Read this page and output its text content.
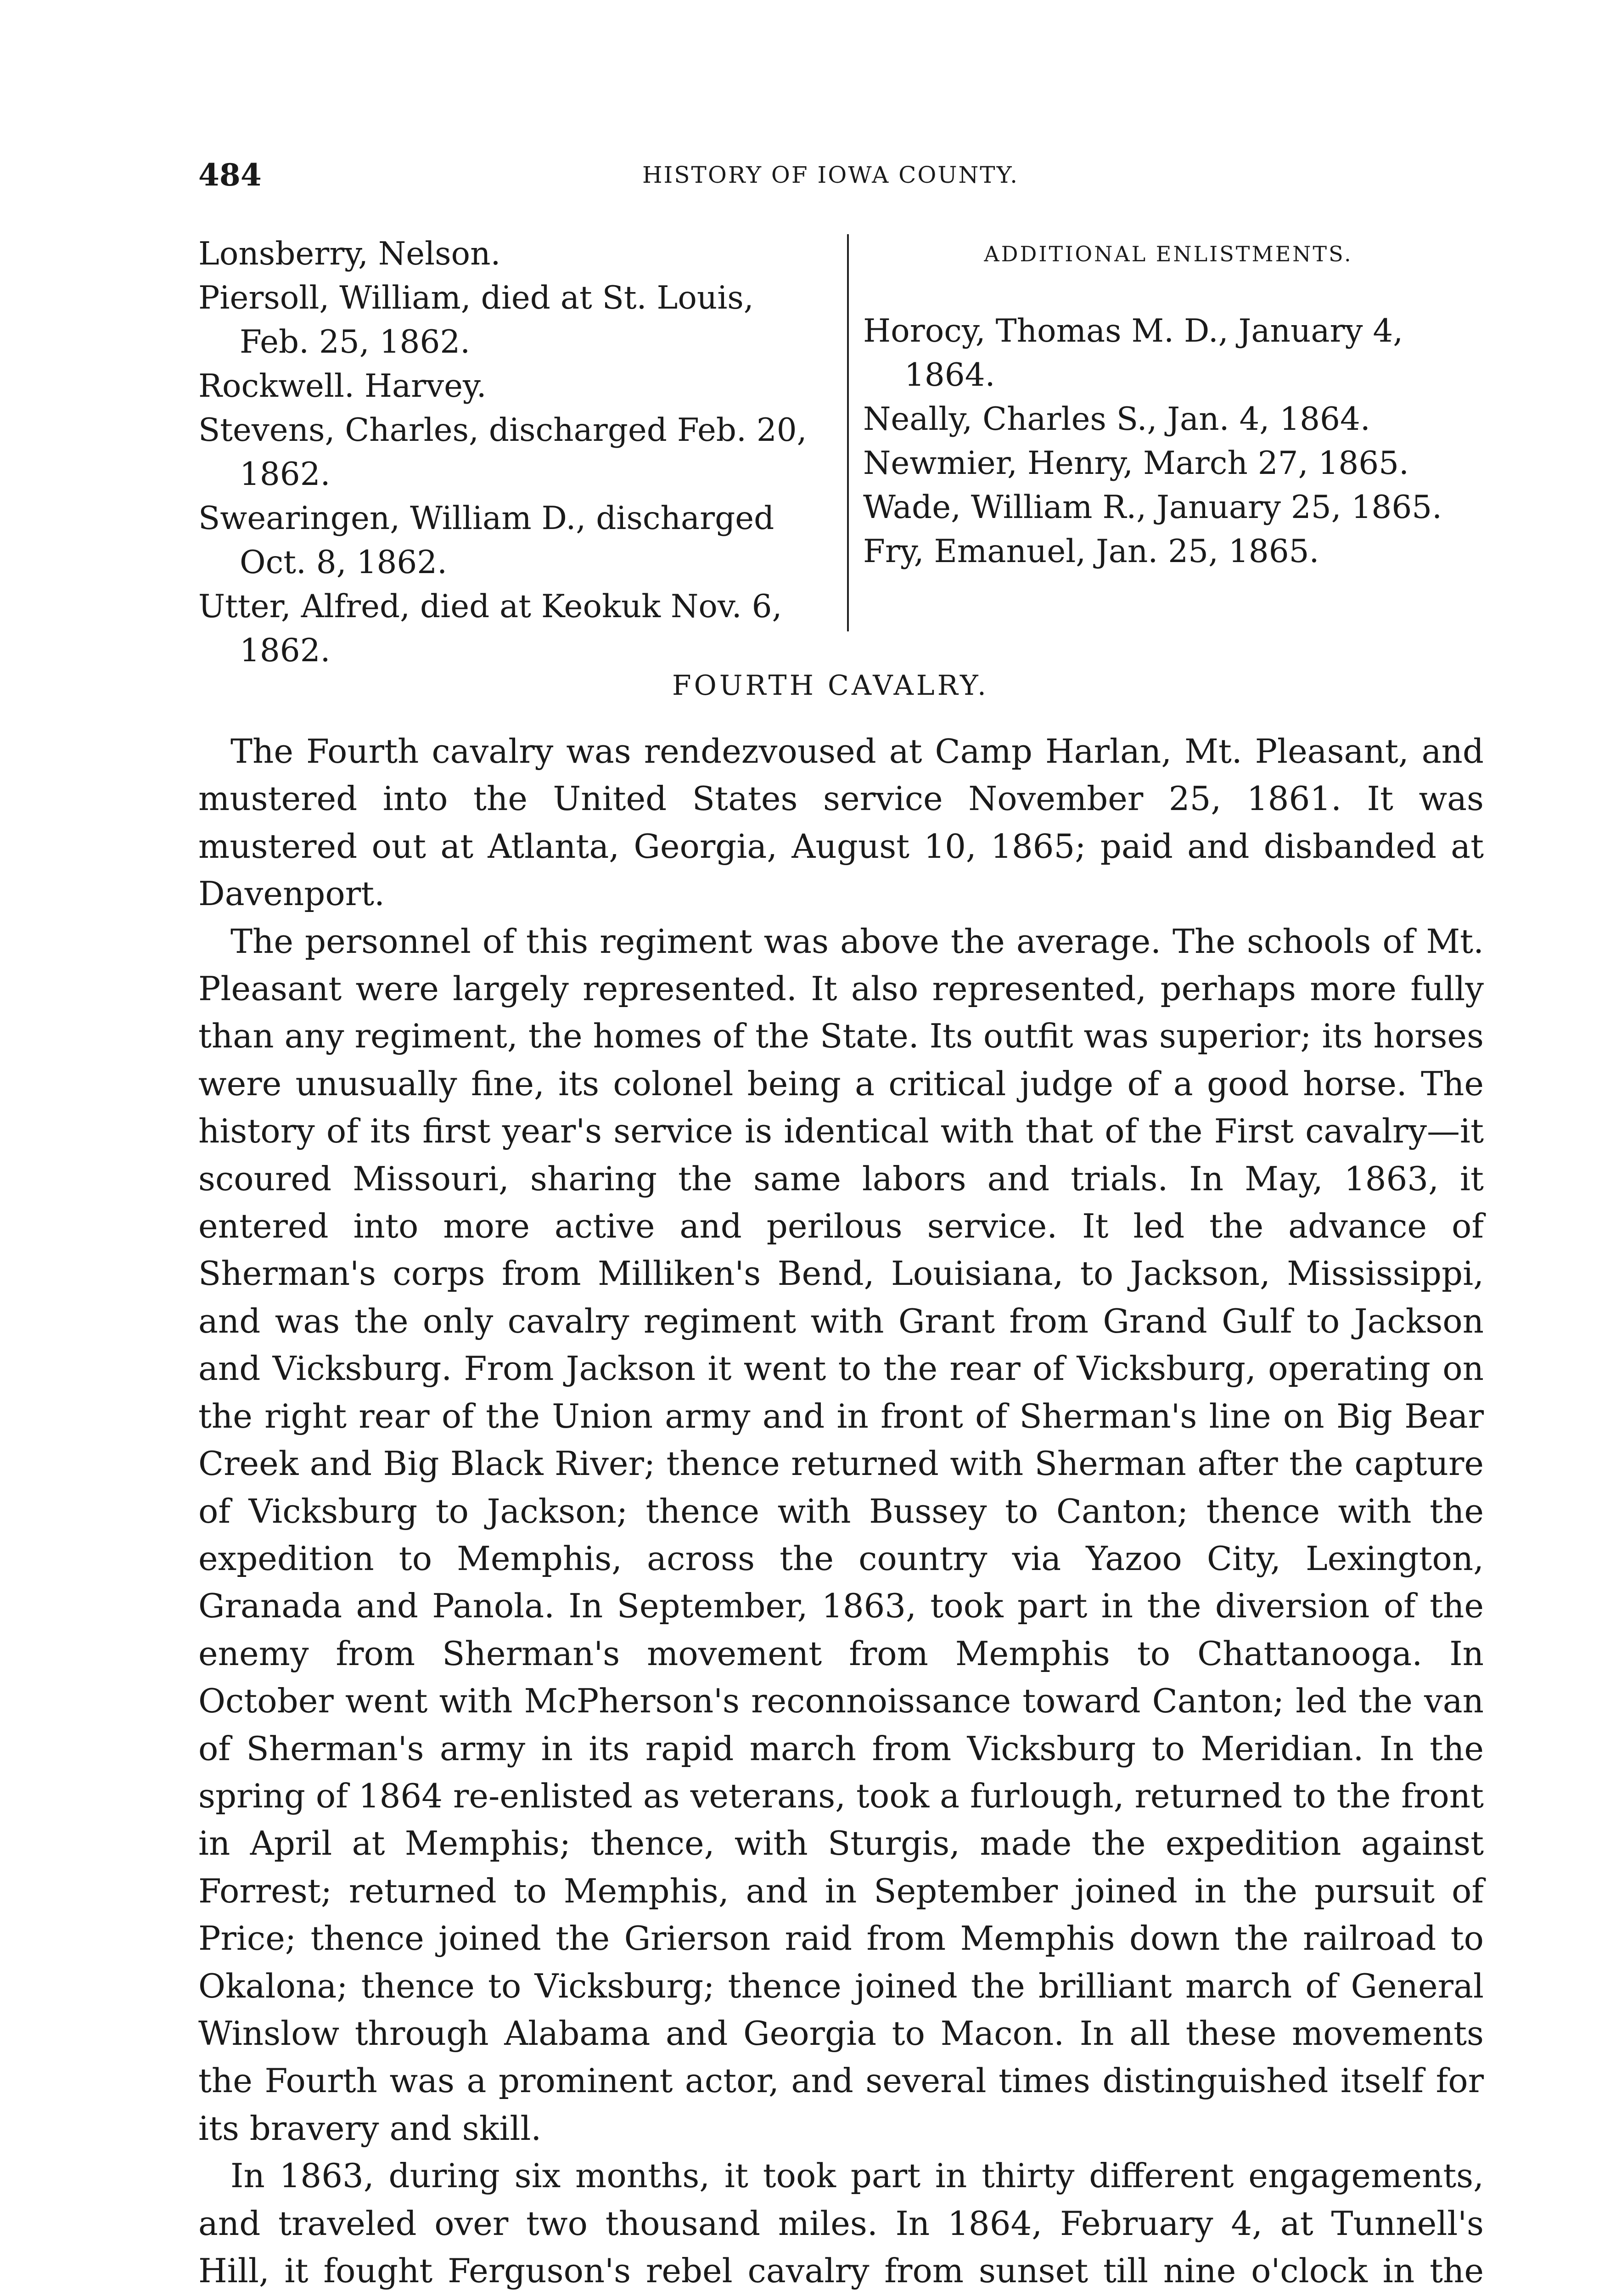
484	HISTORY OF IOWA COUNTY.
Lonsberry, Nelson.
Piersoll, William, died at St. Louis, Feb. 25, 1862.
Rockwell. Harvey.
Stevens, Charles, discharged Feb. 20, 1862.
Swearingen, William D., discharged Oct. 8, 1862.
Utter, Alfred, died at Keokuk Nov. 6, 1862.
ADDITIONAL ENLISTMENTS.
Horocy, Thomas M. D., January 4, 1864.
Neally, Charles S., Jan. 4, 1864.
Newmier, Henry, March 27, 1865.
Wade, William R., January 25, 1865.
Fry, Emanuel, Jan. 25, 1865.
FOURTH CAVALRY.

The Fourth cavalry was rendezvoused at Camp Harlan, Mt. Pleasant, and mustered into the United States service November 25, 1861. It was mustered out at Atlanta, Georgia, August 10, 1865; paid and disbanded at Davenport.

The personnel of this regiment was above the average. The schools of Mt. Pleasant were largely represented. It also represented, perhaps more fully than any regiment, the homes of the State. Its outfit was superior; its horses were unusually fine, its colonel being a critical judge of a good horse. The history of its first year's service is identical with that of the First cavalry—it scoured Missouri, sharing the same labors and trials. In May, 1863, it entered into more active and perilous service. It led the advance of Sherman's corps from Milliken's Bend, Louisiana, to Jackson, Mississippi, and was the only cavalry regiment with Grant from Grand Gulf to Jackson and Vicksburg. From Jackson it went to the rear of Vicksburg, operating on the right rear of the Union army and in front of Sherman's line on Big Bear Creek and Big Black River; thence returned with Sherman after the capture of Vicksburg to Jackson; thence with Bussey to Canton; thence with the expedition to Memphis, across the country via Yazoo City, Lexington, Granada and Panola. In September, 1863, took part in the diversion of the enemy from Sherman's movement from Memphis to Chattanooga. In October went with McPherson's reconnoissance toward Canton; led the van of Sherman's army in its rapid march from Vicksburg to Meridian. In the spring of 1864 re-enlisted as veterans, took a furlough, returned to the front in April at Memphis; thence, with Sturgis, made the expedition against Forrest; returned to Memphis, and in September joined in the pursuit of Price; thence joined the Grierson raid from Memphis down the railroad to Okalona; thence to Vicksburg; thence joined the brilliant march of General Winslow through Alabama and Georgia to Macon. In all these movements the Fourth was a prominent actor, and several times distinguished itself for its bravery and skill.

In 1863, during six months, it took part in thirty different engagements, and traveled over two thousand miles. In 1864, February 4, at Tunnell's Hill, it fought Ferguson's rebel cavalry from sunset till nine o'clock in the
